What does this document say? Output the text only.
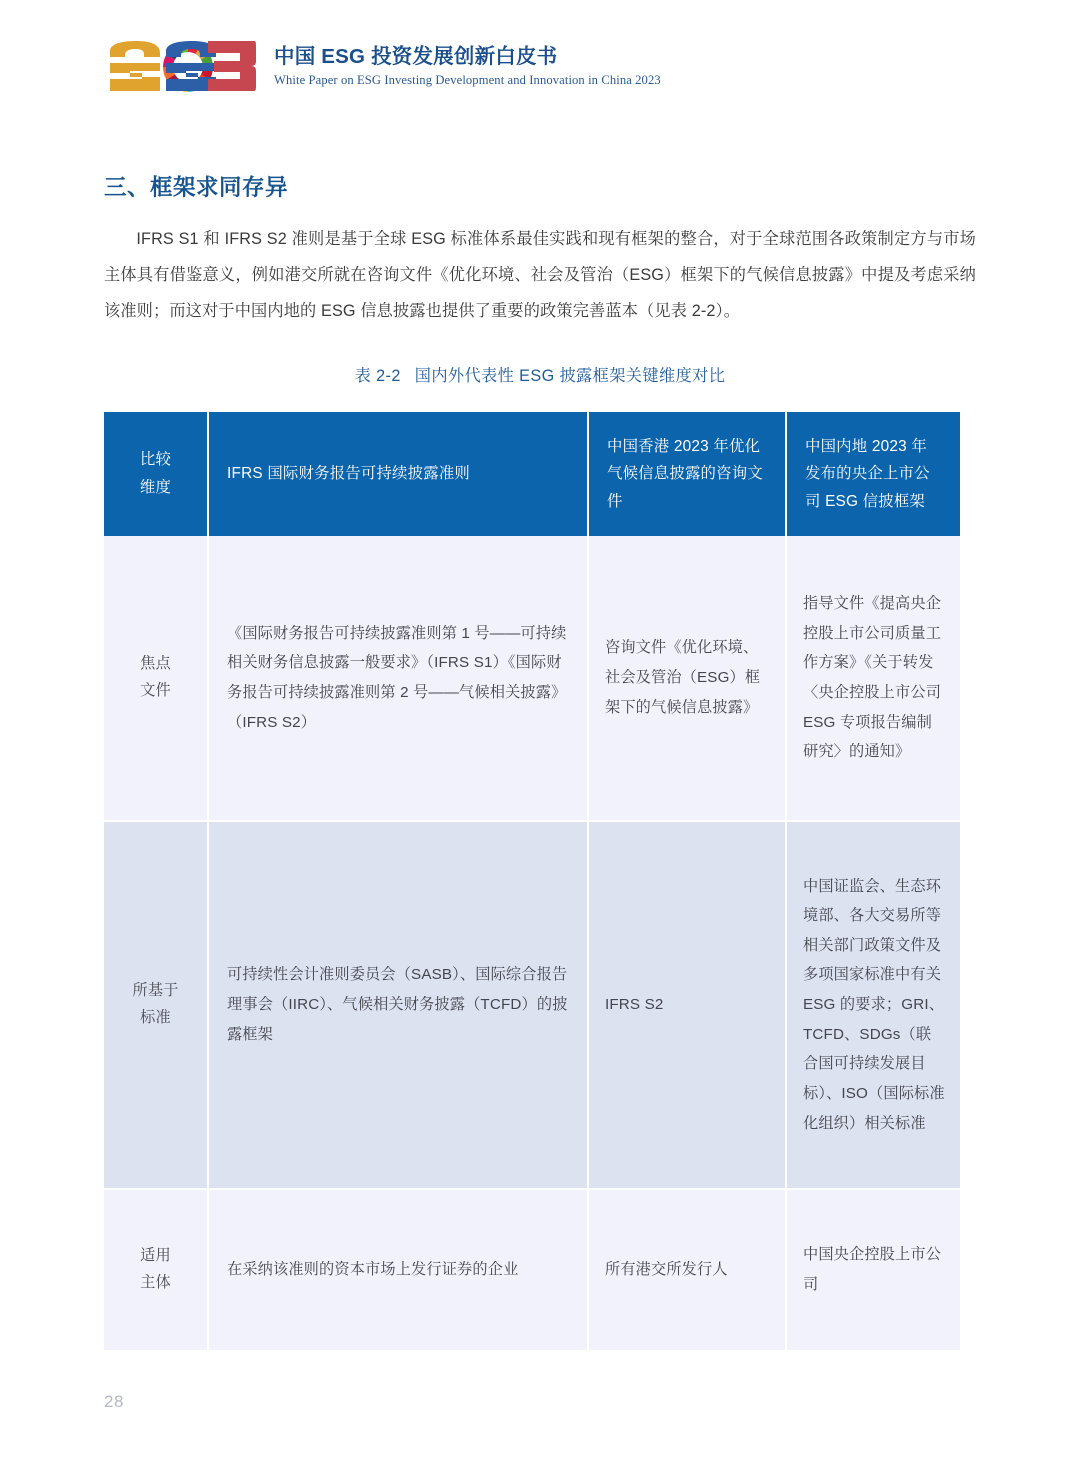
中国 ESG 投资发展创新白皮书
White Paper on ESG Investing Development and Innovation in China 2023
三、框架求同存异

IFRS S1 和 IFRS S2 准则是基于全球 ESG 标准体系最佳实践和现有框架的整合，对于全球范围各政策制定方与市场主体具有借鉴意义，例如港交所就在咨询文件《优化环境、社会及管治（ESG）框架下的气候信息披露》中提及考虑采纳该准则；而这对于中国内地的 ESG 信息披露也提供了重要的政策完善蓝本（见表 2-2）。

表 2-2 国内外代表性 ESG 披露框架关键维度对比
比较
维度	IFRS 国际财务报告可持续披露准则	中国香港 2023 年优化气候信息披露的咨询文件	中国内地 2023 年发布的央企上市公司 ESG 信披框架

焦点
文件	《国际财务报告可持续披露准则第 1 号——可持续相关财务信息披露一般要求》（IFRS S1）《国际财务报告可持续披露准则第 2 号——气候相关披露》（IFRS S2）	咨询文件《优化环境、社会及管治（ESG）框架下的气候信息披露》	指导文件《提高央企控股上市公司质量工作方案》《关于转发〈央企控股上市公司 ESG 专项报告编制研究〉的通知》

所基于
标准	可持续性会计准则委员会（SASB）、国际综合报告理事会（IIRC）、气候相关财务披露（TCFD）的披露框架	IFRS S2	中国证监会、生态环境部、各大交易所等相关部门政策文件及多项国家标准中有关 ESG 的要求；GRI、TCFD、SDGs（联合国可持续发展目标）、ISO（国际标准化组织）相关标准

适用
主体	在采纳该准则的资本市场上发行证券的企业	所有港交所发行人	中国央企控股上市公司
28
